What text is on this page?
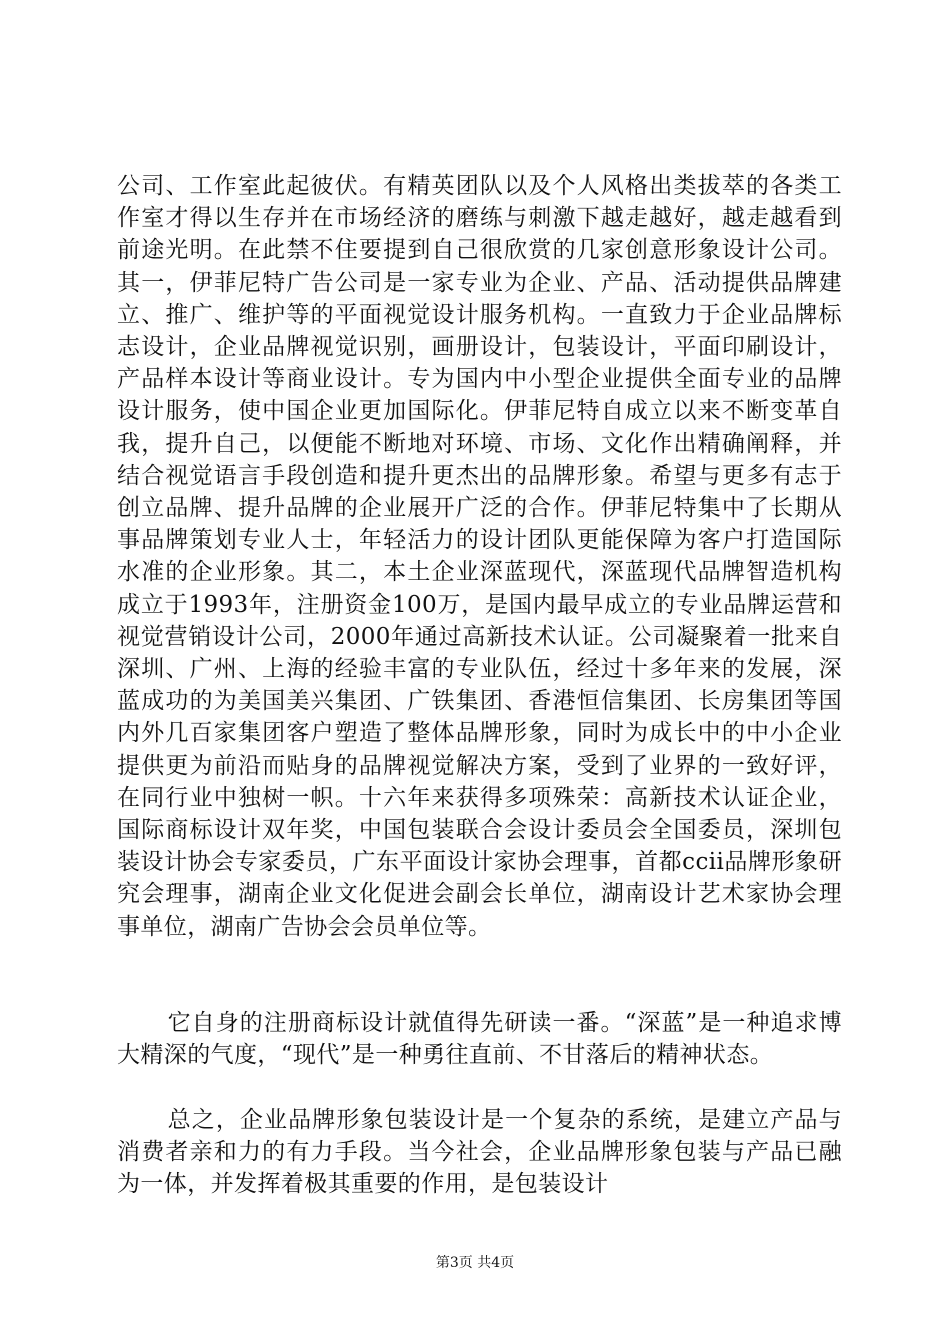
公司、工作室此起彼伏。有精英团队以及个人风格出类拔萃的各类工作室才得以生存并在市场经济的磨练与刺激下越走越好，越走越看到前途光明。在此禁不住要提到自己很欣赏的几家创意形象设计公司。其一，伊菲尼特广告公司是一家专业为企业、产品、活动提供品牌建立、推广、维护等的平面视觉设计服务机构。一直致力于企业品牌标志设计，企业品牌视觉识别，画册设计，包装设计，平面印刷设计，产品样本设计等商业设计。专为国内中小型企业提供全面专业的品牌设计服务，使中国企业更加国际化。伊菲尼特自成立以来不断变革自我，提升自己，以便能不断地对环境、市场、文化作出精确阐释，并结合视觉语言手段创造和提升更杰出的品牌形象。希望与更多有志于创立品牌、提升品牌的企业展开广泛的合作。伊菲尼特集中了长期从事品牌策划专业人士，年轻活力的设计团队更能保障为客户打造国际水准的企业形象。其二，本土企业深蓝现代，深蓝现代品牌智造机构成立于1993年，注册资金100万，是国内最早成立的专业品牌运营和视觉营销设计公司，2000年通过高新技术认证。公司凝聚着一批来自深圳、广州、上海的经验丰富的专业队伍，经过十多年来的发展，深蓝成功的为美国美兴集团、广铁集团、香港恒信集团、长房集团等国内外几百家集团客户塑造了整体品牌形象，同时为成长中的中小企业提供更为前沿而贴身的品牌视觉解决方案，受到了业界的一致好评，在同行业中独树一帜。十六年来获得多项殊荣：高新技术认证企业，国际商标设计双年奖，中国包装联合会设计委员会全国委员，深圳包装设计协会专家委员，广东平面设计家协会理事，首都ccii品牌形象研究会理事，湖南企业文化促进会副会长单位，湖南设计艺术家协会理事单位，湖南广告协会会员单位等。

它自身的注册商标设计就值得先研读一番。“深蓝”是一种追求博大精深的气度，“现代”是一种勇往直前、不甘落后的精神状态。

总之，企业品牌形象包装设计是一个复杂的系统，是建立产品与消费者亲和力的有力手段。当今社会，企业品牌形象包装与产品已融为一体，并发挥着极其重要的作用，是包装设计

第3页 共4页
